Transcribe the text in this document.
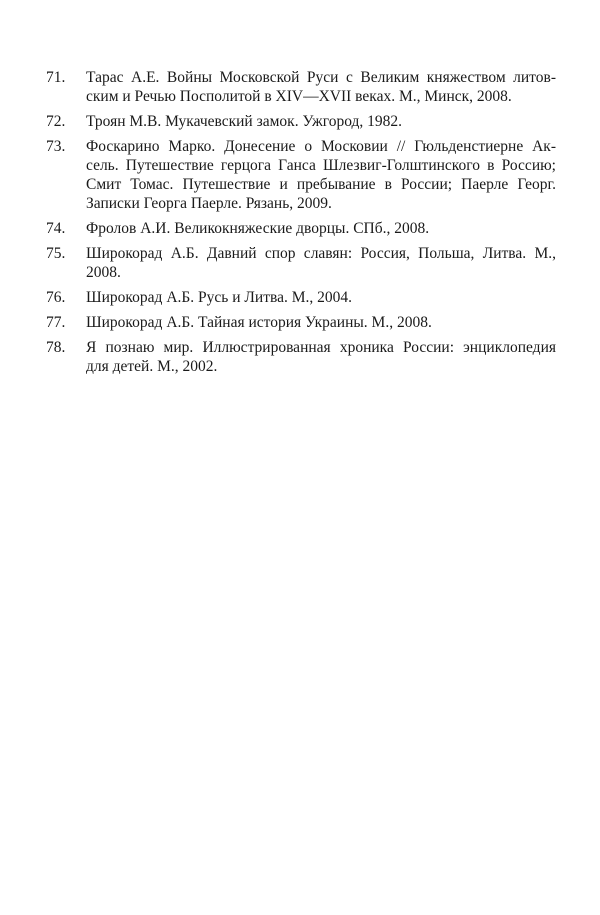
71.	Тарас А.Е. Войны Московской Руси с Великим княжеством литов-
ским и Речью Посполитой в XIV—XVII веках. М., Минск, 2008.
72.	Троян М.В. Мукачевский замок. Ужгород, 1982.
73.	Фоскарино Марко. Донесение о Московии // Гюльденстиерне Ак-
сель. Путешествие герцога Ганса Шлезвиг-Голштинского в Россию;
Смит Томас. Путешествие и пребывание в России; Паерле Георг.
Записки Георга Паерле. Рязань, 2009.
74.	Фролов А.И. Великокняжеские дворцы. СПб., 2008.
75.	Широкорад А.Б. Давний спор славян: Россия, Польша, Литва. М.,
2008.
76.	Широкорад А.Б. Русь и Литва. М., 2004.
77.	Широкорад А.Б. Тайная история Украины. М., 2008.
78.	Я познаю мир. Иллюстрированная хроника России: энциклопедия
для детей. М., 2002.
